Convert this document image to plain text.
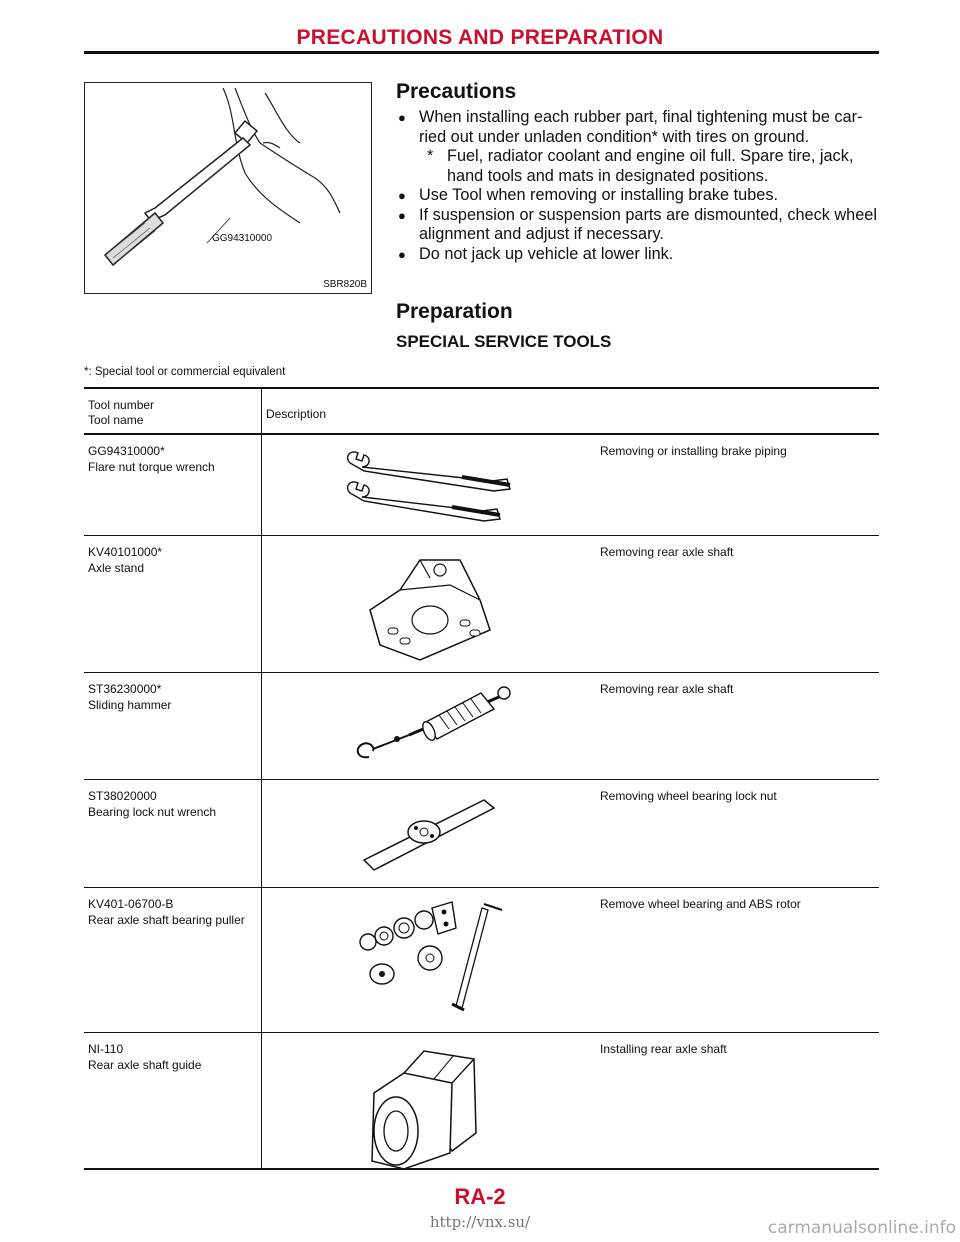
PRECAUTIONS AND PREPARATION
GG94310000
SBR820B
Precautions
● When installing each rubber part, final tightening must be car-ried out under unladen condition* with tires on ground.
* Fuel, radiator coolant and engine oil full. Spare tire, jack, hand tools and mats in designated positions.
● Use Tool when removing or installing brake tubes.
● If suspension or suspension parts are dismounted, check wheel alignment and adjust if necessary.
● Do not jack up vehicle at lower link.
Preparation
SPECIAL SERVICE TOOLS
*: Special tool or commercial equivalent
Tool number
Tool name	Description
GG94310000*
Flare nut torque wrench
Removing or installing brake piping
KV40101000*
Axle stand
Removing rear axle shaft
ST36230000*
Sliding hammer
Removing rear axle shaft
ST38020000
Bearing lock nut wrench
Removing wheel bearing lock nut
KV401-06700-B
Rear axle shaft bearing puller

Remove wheel bearing and ABS rotor
NI-110
Rear axle shaft guide
Installing rear axle shaft
RA-2
http://vnx.su/	carmanualsonline.info
